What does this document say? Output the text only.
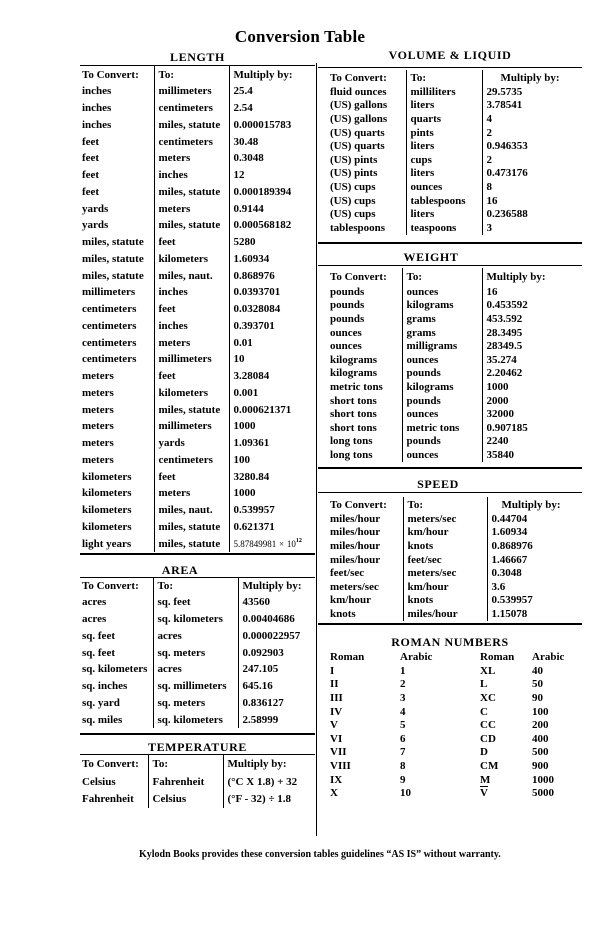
Conversion Table
LENGTH
To Convert:	To:	Multiply by:
inches	millimeters	25.4
inches	centimeters	2.54
inches	miles, statute	0.000015783
feet	centimeters	30.48
feet	meters	0.3048
feet	inches	12
feet	miles, statute	0.000189394
yards	meters	0.9144
yards	miles, statute	0.000568182
miles, statute	feet	5280
miles, statute	kilometers	1.60934
miles, statute	miles, naut.	0.868976
millimeters	inches	0.0393701
centimeters	feet	0.0328084
centimeters	inches	0.393701
centimeters	meters	0.01
centimeters	millimeters	10
meters	feet	3.28084
meters	kilometers	0.001
meters	miles, statute	0.000621371
meters	millimeters	1000
meters	yards	1.09361
meters	centimeters	100
kilometers	feet	3280.84
kilometers	meters	1000
kilometers	miles, naut.	0.539957
kilometers	miles, statute	0.621371
light years	miles, statute	$5.87849981 \times 10^{12}$
AREA
To Convert:	To:	Multiply by:
acres	sq. feet	43560
acres	sq. kilometers	0.00404686
sq. feet	acres	0.000022957
sq. feet	sq. meters	0.092903
sq. kilometers	acres	247.105
sq. inches	sq. millimeters	645.16
sq. yard	sq. meters	0.836127
sq. miles	sq. kilometers	2.58999
TEMPERATURE
To Convert:	To:	Multiply by:
Celsius	Fahrenheit	(°C X 1.8) + 32
Fahrenheit	Celsius	(°F - 32) ÷ 1.8
VOLUME & LIQUID
To Convert:	To:	Multiply by:
fluid ounces	milliliters	29.5735
(US) gallons	liters	3.78541
(US) gallons	quarts	4
(US) quarts	pints	2
(US) quarts	liters	0.946353
(US) pints	cups	2
(US) pints	liters	0.473176
(US) cups	ounces	8
(US) cups	tablespoons	16
(US) cups	liters	0.236588
tablespoons	teaspoons	3
WEIGHT
To Convert:	To:	Multiply by:
pounds	ounces	16
pounds	kilograms	0.453592
pounds	grams	453.592
ounces	grams	28.3495
ounces	milligrams	28349.5
kilograms	ounces	35.274
kilograms	pounds	2.20462
metric tons	kilograms	1000
short tons	pounds	2000
short tons	ounces	32000
short tons	metric tons	0.907185
long tons	pounds	2240
long tons	ounces	35840
SPEED
To Convert:	To:	Multiply by:
miles/hour	meters/sec	0.44704
miles/hour	km/hour	1.60934
miles/hour	knots	0.868976
miles/hour	feet/sec	1.46667
feet/sec	meters/sec	0.3048
meters/sec	km/hour	3.6
km/hour	knots	0.539957
knots	miles/hour	1.15078
ROMAN NUMBERS
Roman	Arabic	Roman	Arabic
I	1	XL	40
II	2	L	50
III	3	XC	90
IV	4	C	100
V	5	CC	200
VI	6	CD	400
VII	7	D	500
VIII	8	CM	900
IX	9	M	1000
X	10	$\overline{V}$	5000
Kylodn Books provides these conversion tables guidelines “AS IS” without warranty.
